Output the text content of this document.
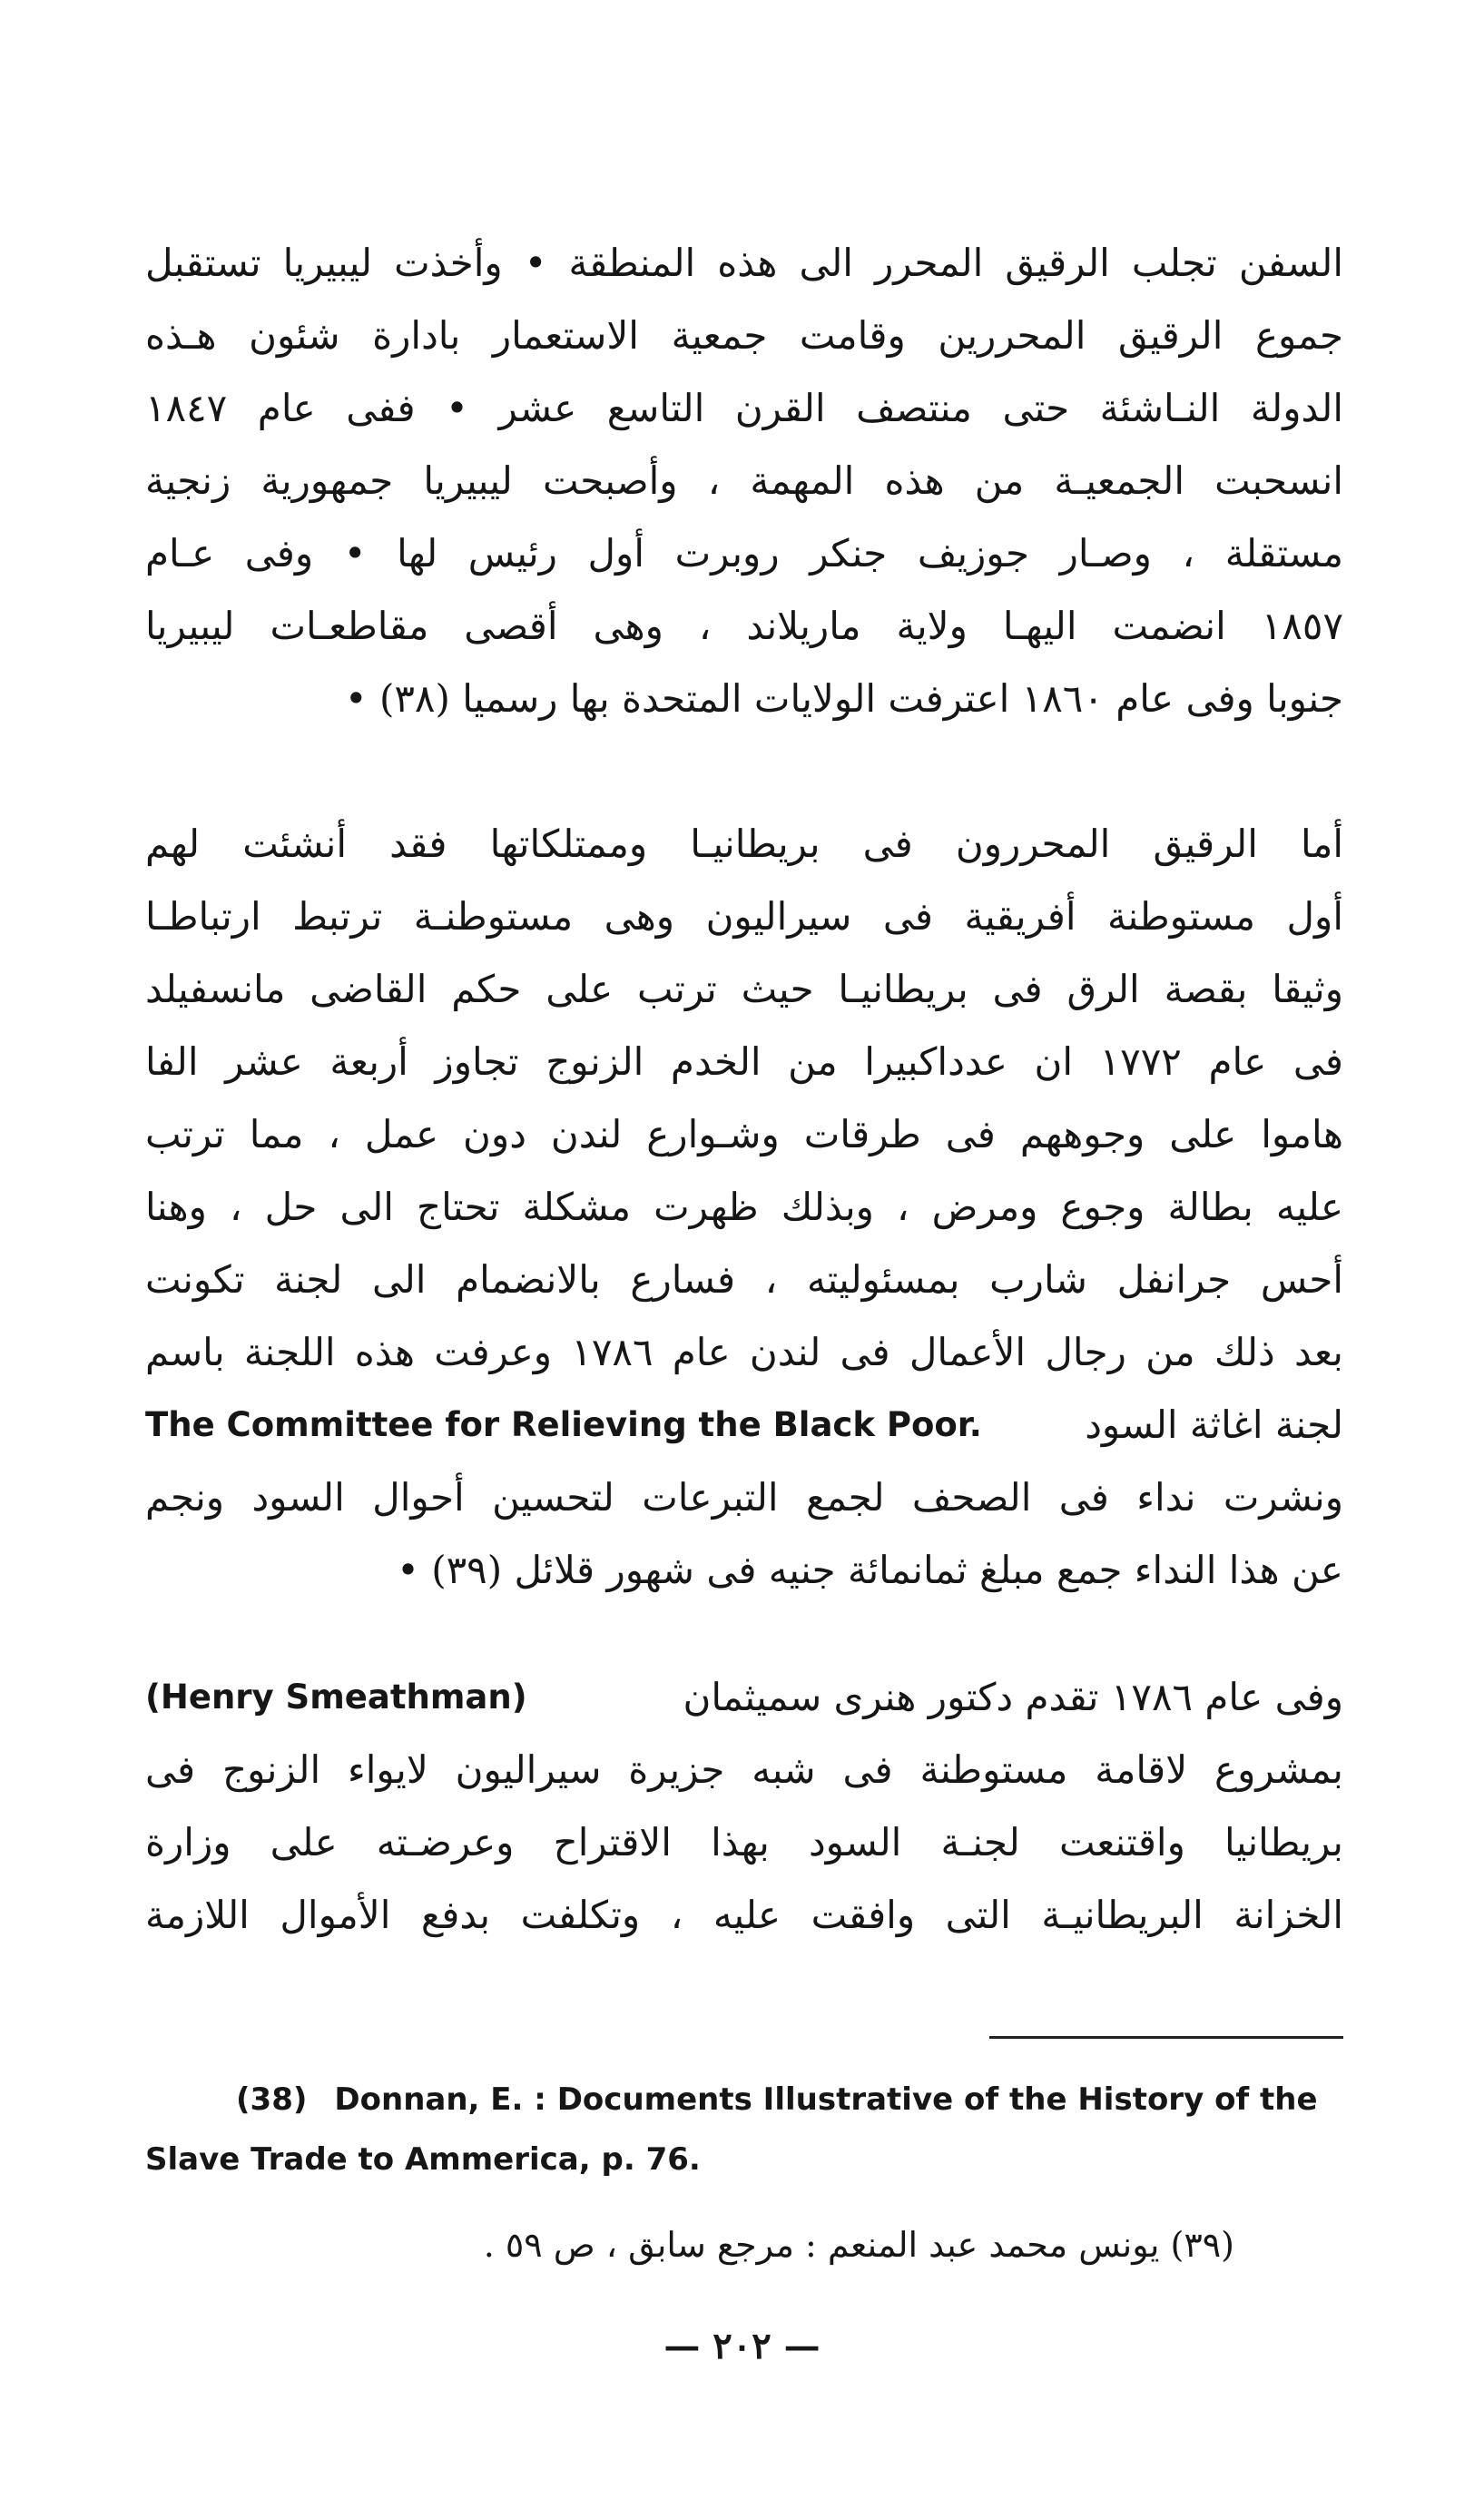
السفن تجلب الرقيق المحرر الى هذه المنطقة • وأخذت ليبيريا تستقبل
جموع الرقيق المحررين وقامت جمعية الاستعمار بادارة شئون هـذه
الدولة النـاشئة حتى منتصف القرن التاسع عشر • ففى عام ١٨٤٧
انسحبت الجمعيـة من هذه المهمة ، وأصبحت ليبيريا جمهورية زنجية
مستقلة ، وصـار جوزيف جنكر روبرت أول رئيس لها • وفى عـام
١٨٥٧ انضمت اليهـا ولاية ماريلاند ، وهى أقصى مقاطعـات ليبيريا
جنوبا وفى عام ١٨٦٠ اعترفت الولايات المتحدة بها رسميا (٣٨) •
أما الرقيق المحررون فى بريطانيـا وممتلكاتها فقد أنشئت لهم
أول مستوطنة أفريقية فى سيراليون وهى مستوطنـة ترتبط ارتباطـا
وثيقا بقصة الرق فى بريطانيـا حيث ترتب على حكم القاضى مانسفيلد
فى عام ١٧٧٢ ان عدداكبيرا من الخدم الزنوج تجاوز أربعة عشر الفا
هاموا على وجوههم فى طرقات وشـوارع لندن دون عمل ، مما ترتب
عليه بطالة وجوع ومرض ، وبذلك ظهرت مشكلة تحتاج الى حل ، وهنا
أحس جرانفل شارب بمسئوليته ، فسارع بالانضمام الى لجنة تكونت
بعد ذلك من رجال الأعمال فى لندن عام ١٧٨٦ وعرفت هذه اللجنة باسم
لجنة اغاثة السود
The Committee for Relieving the Black Poor.
ونشرت نداء فى الصحف لجمع التبرعات لتحسين أحوال السود ونجم
عن هذا النداء جمع مبلغ ثمانمائة جنيه فى شهور قلائل (٣٩) •
وفى عام ١٧٨٦ تقدم دكتور هنرى سميثمان
(Henry Smeathman)
بمشروع لاقامة مستوطنة فى شبه جزيرة سيراليون لايواء الزنوج فى
بريطانيا واقتنعت لجنـة السود بهذا الاقتراح وعرضـته على وزارة
الخزانة البريطانيـة التى وافقت عليه ، وتكلفت بدفع الأموال اللازمة
(38) Donnan, E. : Documents Illustrative of the History of the
Slave Trade to Ammerica, p. 76.
(٣٩) يونس محمد عبد المنعم : مرجع سابق ، ص ٥٩ .
— ٢٠٢ —
